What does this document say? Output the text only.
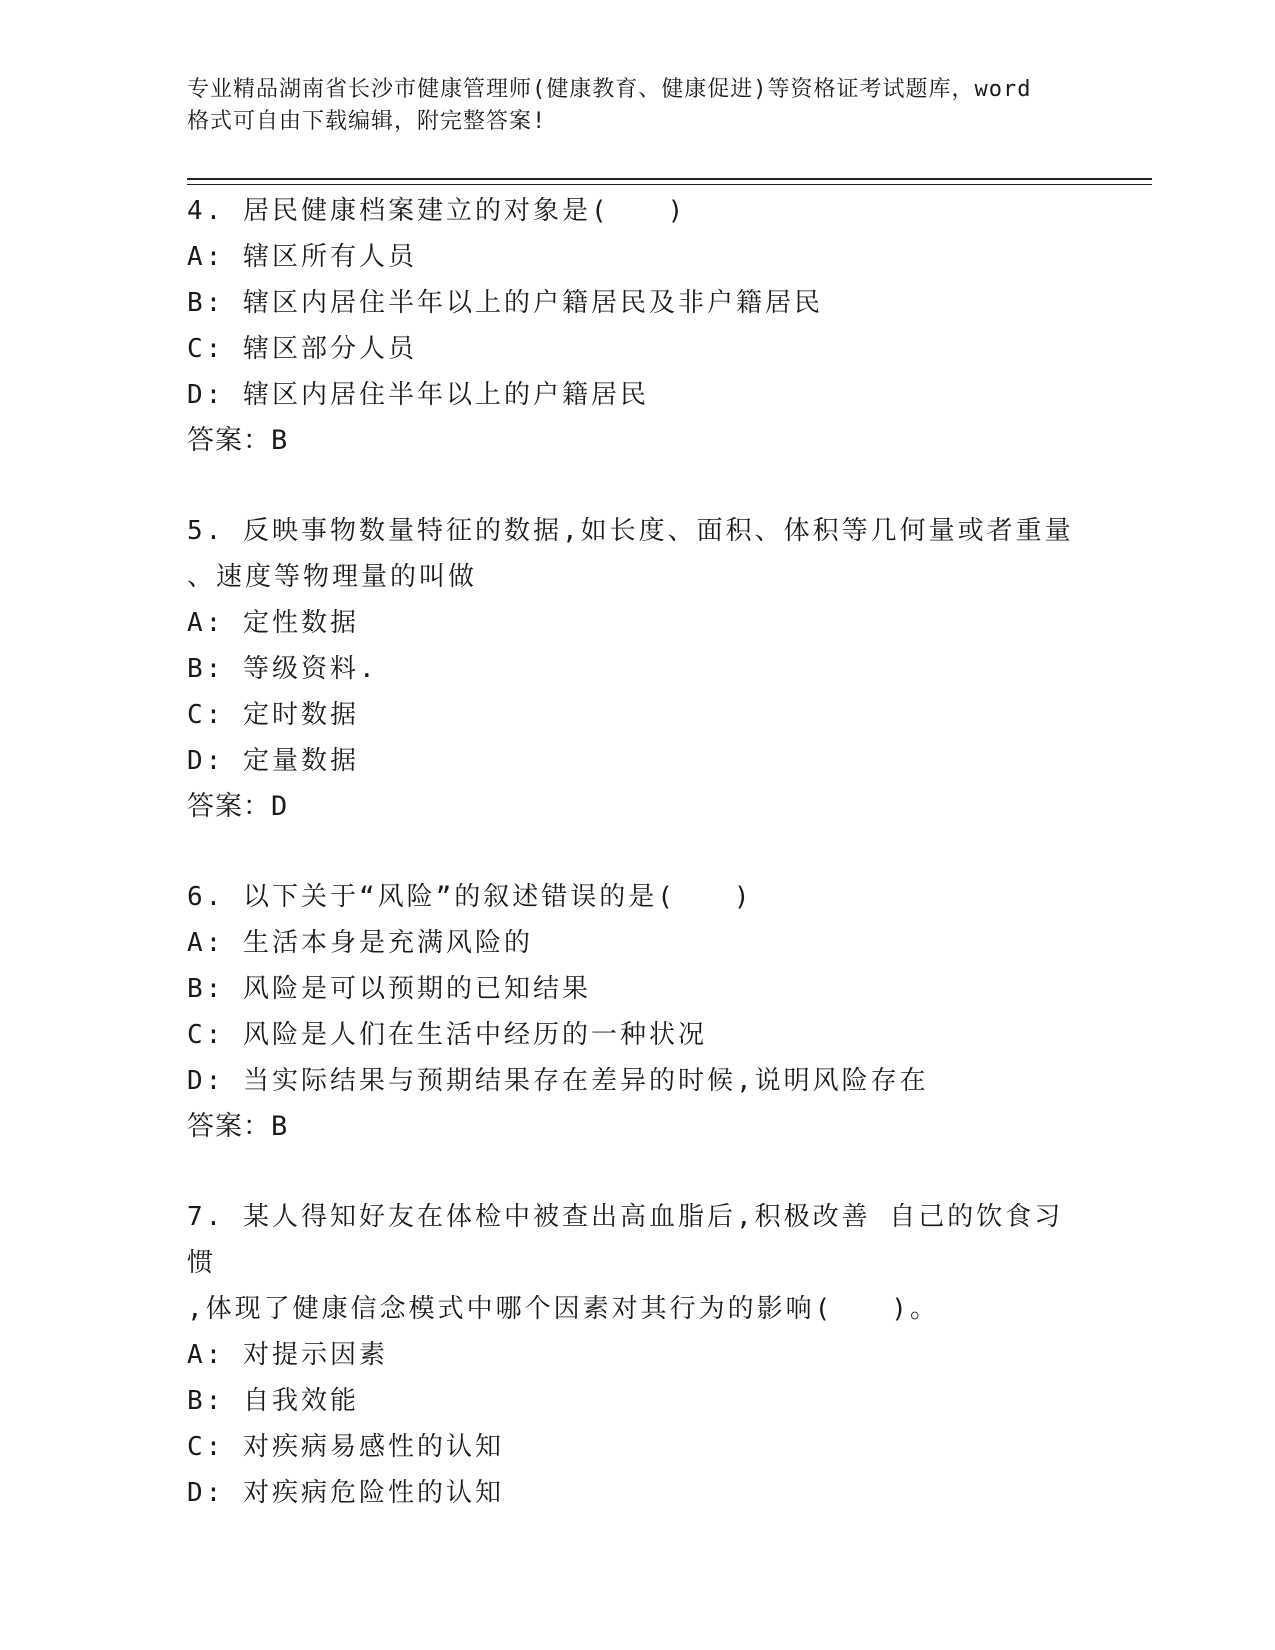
专业精品湖南省长沙市健康管理师(健康教育、健康促进)等资格证考试题库，word
格式可自由下载编辑，附完整答案!
4. 居民健康档案建立的对象是(　　)
A: 辖区所有人员
B: 辖区内居住半年以上的户籍居民及非户籍居民
C: 辖区部分人员
D: 辖区内居住半年以上的户籍居民
答案：B
5. 反映事物数量特征的数据,如长度、面积、体积等几何量或者重量
、速度等物理量的叫做
A: 定性数据
B: 等级资料.
C: 定时数据
D: 定量数据
答案：D
6. 以下关于“风险”的叙述错误的是(　　)
A: 生活本身是充满风险的
B: 风险是可以预期的已知结果
C: 风险是人们在生活中经历的一种状况
D: 当实际结果与预期结果存在差异的时候,说明风险存在
答案：B
7. 某人得知好友在体检中被查出高血脂后,积极改善 自己的饮食习惯
,体现了健康信念模式中哪个因素对其行为的影响(　　)。
A: 对提示因素
B: 自我效能
C: 对疾病易感性的认知
D: 对疾病危险性的认知
